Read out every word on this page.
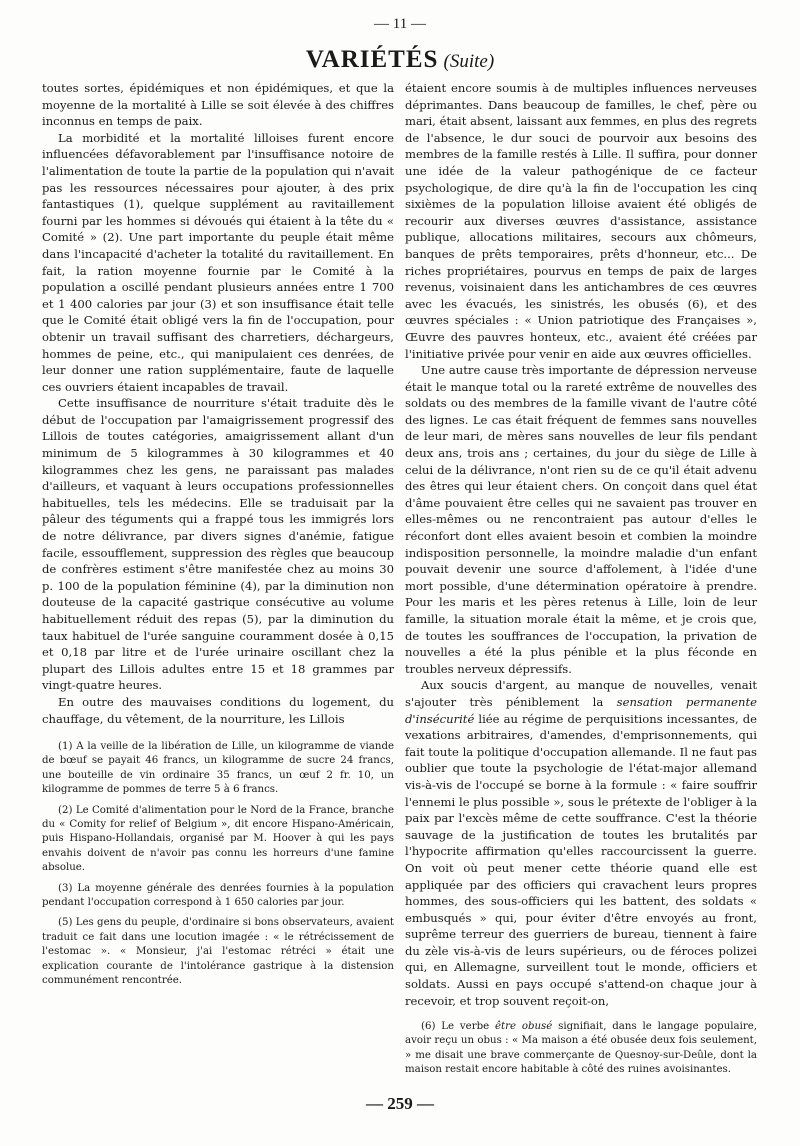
— 11 —
VARIÉTÉS (Suite)

toutes sortes, épidémiques et non épidémiques, et que la moyenne de la mortalité à Lille se soit élevée à des chiffres inconnus en temps de paix.

La morbidité et la mortalité lilloises furent encore influencées défavorablement par l'insuffisance notoire de l'alimentation de toute la partie de la population qui n'avait pas les ressources nécessaires pour ajouter, à des prix fantastiques (1), quelque supplément au ravitaillement fourni par les hommes si dévoués qui étaient à la tête du « Comité » (2). Une part importante du peuple était même dans l'incapacité d'acheter la totalité du ravitaillement. En fait, la ration moyenne fournie par le Comité à la population a oscillé pendant plusieurs années entre 1 700 et 1 400 calories par jour (3) et son insuffisance était telle que le Comité était obligé vers la fin de l'occupation, pour obtenir un travail suffisant des charretiers, déchargeurs, hommes de peine, etc., qui manipulaient ces denrées, de leur donner une ration supplémentaire, faute de laquelle ces ouvriers étaient incapables de travail.

Cette insuffisance de nourriture s'était traduite dès le début de l'occupation par l'amaigrissement progressif des Lillois de toutes catégories, amaigrissement allant d'un minimum de 5 kilogrammes à 30 kilogrammes et 40 kilogrammes chez les gens, ne paraissant pas malades d'ailleurs, et vaquant à leurs occupations professionnelles habituelles, tels les médecins. Elle se traduisait par la pâleur des téguments qui a frappé tous les immigrés lors de notre délivrance, par divers signes d'anémie, fatigue facile, essoufflement, suppression des règles que beaucoup de confrères estiment s'être manifestée chez au moins 30 p. 100 de la population féminine (4), par la diminution non douteuse de la capacité gastrique consécutive au volume habituellement réduit des repas (5), par la diminution du taux habituel de l'urée sanguine couramment dosée à 0,15 et 0,18 par litre et de l'urée urinaire oscillant chez la plupart des Lillois adultes entre 15 et 18 grammes par vingt-quatre heures.

En outre des mauvaises conditions du logement, du chauffage, du vêtement, de la nourriture, les Lillois

(1) A la veille de la libération de Lille, un kilogramme de viande de bœuf se payait 46 francs, un kilogramme de sucre 24 francs, une bouteille de vin ordinaire 35 francs, un œuf 2 fr. 10, un kilogramme de pommes de terre 5 à 6 francs.

(2) Le Comité d'alimentation pour le Nord de la France, branche du « Comity for relief of Belgium », dit encore Hispano-Américain, puis Hispano-Hollandais, organisé par M. Hoover à qui les pays envahis doivent de n'avoir pas connu les horreurs d'une famine absolue.

(3) La moyenne générale des denrées fournies à la population pendant l'occupation correspond à 1 650 calories par jour.

(5) Les gens du peuple, d'ordinaire si bons observateurs, avaient traduit ce fait dans une locution imagée : « le rétrécissement de l'estomac ». « Monsieur, j'ai l'estomac rétréci » était une explication courante de l'intolérance gastrique à la distension communément rencontrée.

étaient encore soumis à de multiples influences nerveuses déprimantes. Dans beaucoup de familles, le chef, père ou mari, était absent, laissant aux femmes, en plus des regrets de l'absence, le dur souci de pourvoir aux besoins des membres de la famille restés à Lille. Il suffira, pour donner une idée de la valeur pathogénique de ce facteur psychologique, de dire qu'à la fin de l'occupation les cinq sixièmes de la population lilloise avaient été obligés de recourir aux diverses œuvres d'assistance, assistance publique, allocations militaires, secours aux chômeurs, banques de prêts temporaires, prêts d'honneur, etc... De riches propriétaires, pourvus en temps de paix de larges revenus, voisinaient dans les antichambres de ces œuvres avec les évacués, les sinistrés, les obusés (6), et des œuvres spéciales : « Union patriotique des Françaises », Œuvre des pauvres honteux, etc., avaient été créées par l'initiative privée pour venir en aide aux œuvres officielles.

Une autre cause très importante de dépression nerveuse était le manque total ou la rareté extrême de nouvelles des soldats ou des membres de la famille vivant de l'autre côté des lignes. Le cas était fréquent de femmes sans nouvelles de leur mari, de mères sans nouvelles de leur fils pendant deux ans, trois ans ; certaines, du jour du siège de Lille à celui de la délivrance, n'ont rien su de ce qu'il était advenu des êtres qui leur étaient chers. On conçoit dans quel état d'âme pouvaient être celles qui ne savaient pas trouver en elles-mêmes ou ne rencontraient pas autour d'elles le réconfort dont elles avaient besoin et combien la moindre indisposition personnelle, la moindre maladie d'un enfant pouvait devenir une source d'affolement, à l'idée d'une mort possible, d'une détermination opératoire à prendre. Pour les maris et les pères retenus à Lille, loin de leur famille, la situation morale était la même, et je crois que, de toutes les souffrances de l'occupation, la privation de nouvelles a été la plus pénible et la plus féconde en troubles nerveux dépressifs.

Aux soucis d'argent, au manque de nouvelles, venait s'ajouter très péniblement la sensation permanente d'insécurité liée au régime de perquisitions incessantes, de vexations arbitraires, d'amendes, d'emprisonnements, qui fait toute la politique d'occupation allemande. Il ne faut pas oublier que toute la psychologie de l'état-major allemand vis-à-vis de l'occupé se borne à la formule : « faire souffrir l'ennemi le plus possible », sous le prétexte de l'obliger à la paix par l'excès même de cette souffrance. C'est la théorie sauvage de la justification de toutes les brutalités par l'hypocrite affirmation qu'elles raccourcissent la guerre. On voit où peut mener cette théorie quand elle est appliquée par des officiers qui cravachent leurs propres hommes, des sous-officiers qui les battent, des soldats « embusqués » qui, pour éviter d'être envoyés au front, suprême terreur des guerriers de bureau, tiennent à faire du zèle vis-à-vis de leurs supérieurs, ou de féroces polizei qui, en Allemagne, surveillent tout le monde, officiers et soldats. Aussi en pays occupé s'attend-on chaque jour à recevoir, et trop souvent reçoit-on,

(6) Le verbe être obusé signifiait, dans le langage populaire, avoir reçu un obus : « Ma maison a été obusée deux fois seulement, » me disait une brave commerçante de Quesnoy-sur-Deûle, dont la maison restait encore habitable à côté des ruines avoisinantes.

— 259 —
